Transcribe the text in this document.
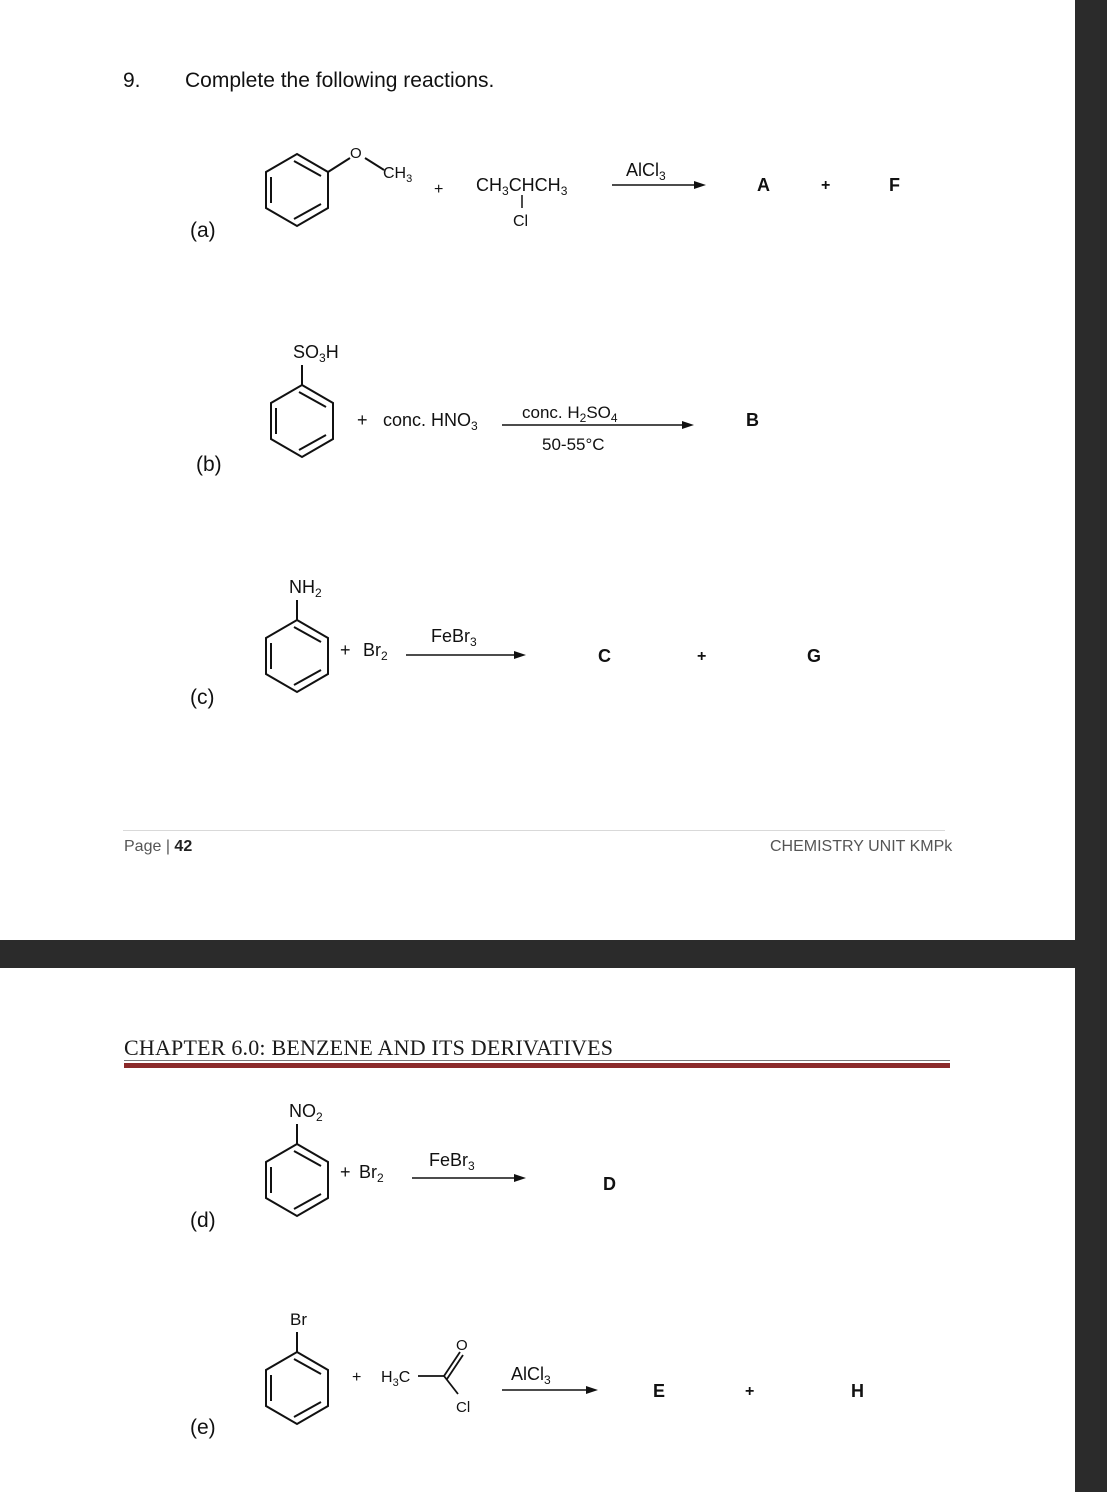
9. Complete the following reactions.
(a)
(b)
(c)
O
$CH_3$
+ $CH_3CHCH_3$
Cl
AlCl$_3$	A	+	F
$SO_3H$
+ conc. $HNO_3$
conc. $H_2SO_4$
50-55°C
B
$NH_2$
+ $Br_2$
FeBr$_3$
C	+	G
Page | 42	CHEMISTRY UNIT KMPk
CHAPTER 6.0: BENZENE AND ITS DERIVATIVES
(d)
(e)
$NO_2$
+ $Br_2$
FeBr$_3$
D
Br
+ $H_3C$
O
Cl
AlCl$_3$
E	+	H
